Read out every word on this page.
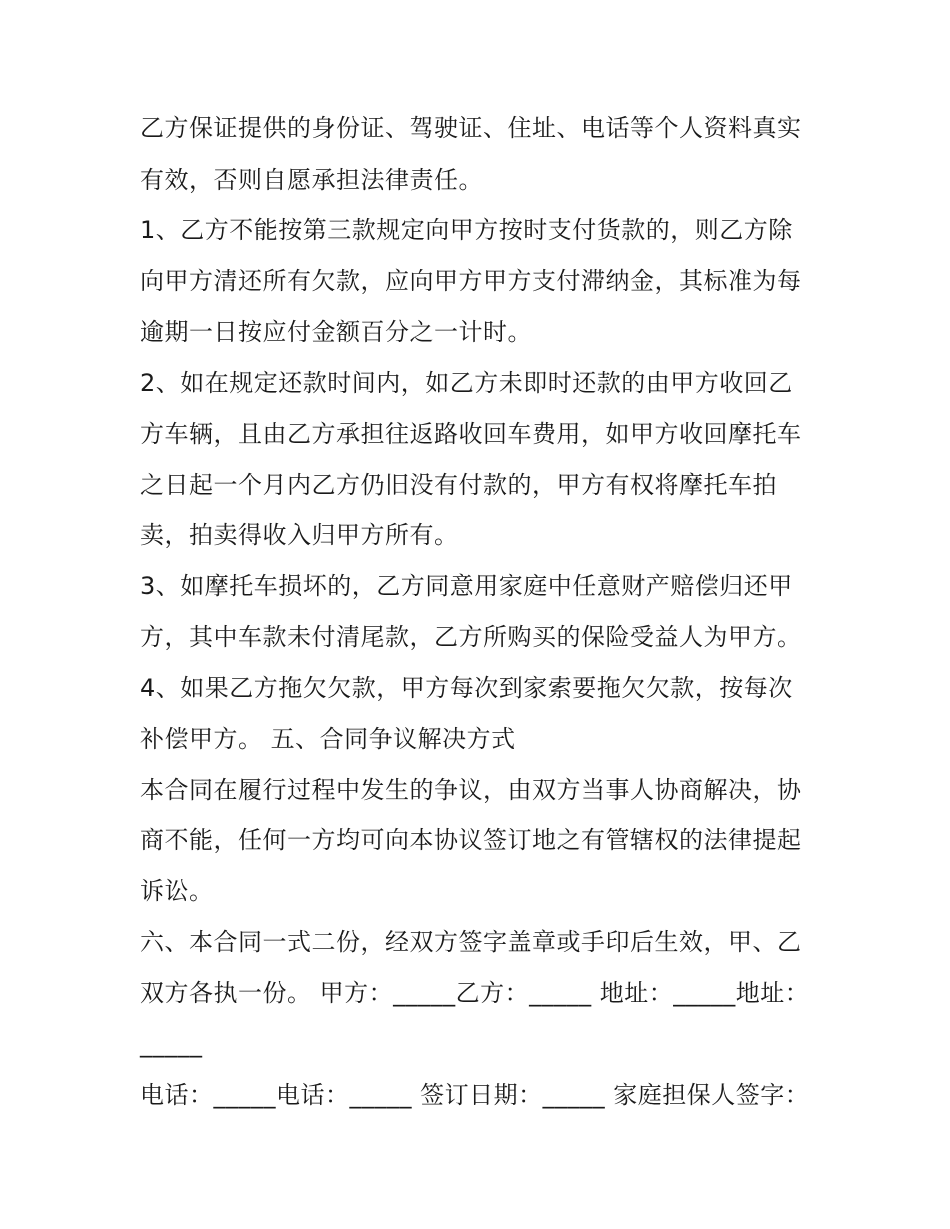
乙方保证提供的身份证、驾驶证、住址、电话等个人资料真实
有效，否则自愿承担法律责任。
1、乙方不能按第三款规定向甲方按时支付货款的，则乙方除
向甲方清还所有欠款，应向甲方甲方支付滞纳金，其标准为每
逾期一日按应付金额百分之一计时。
2、如在规定还款时间内，如乙方未即时还款的由甲方收回乙
方车辆，且由乙方承担往返路收回车费用，如甲方收回摩托车
之日起一个月内乙方仍旧没有付款的，甲方有权将摩托车拍
卖，拍卖得收入归甲方所有。
3、如摩托车损坏的，乙方同意用家庭中任意财产赔偿归还甲
方，其中车款未付清尾款，乙方所购买的保险受益人为甲方。
4、如果乙方拖欠欠款，甲方每次到家索要拖欠欠款，按每次
补偿甲方。 五、合同争议解决方式
本合同在履行过程中发生的争议，由双方当事人协商解决，协
商不能，任何一方均可向本协议签订地之有管辖权的法律提起
诉讼。
六、本合同一式二份，经双方签字盖章或手印后生效，甲、乙
双方各执一份。 甲方：_____乙方：_____ 地址：_____地址：
_____
电话：_____电话：_____ 签订日期：_____ 家庭担保人签字：
